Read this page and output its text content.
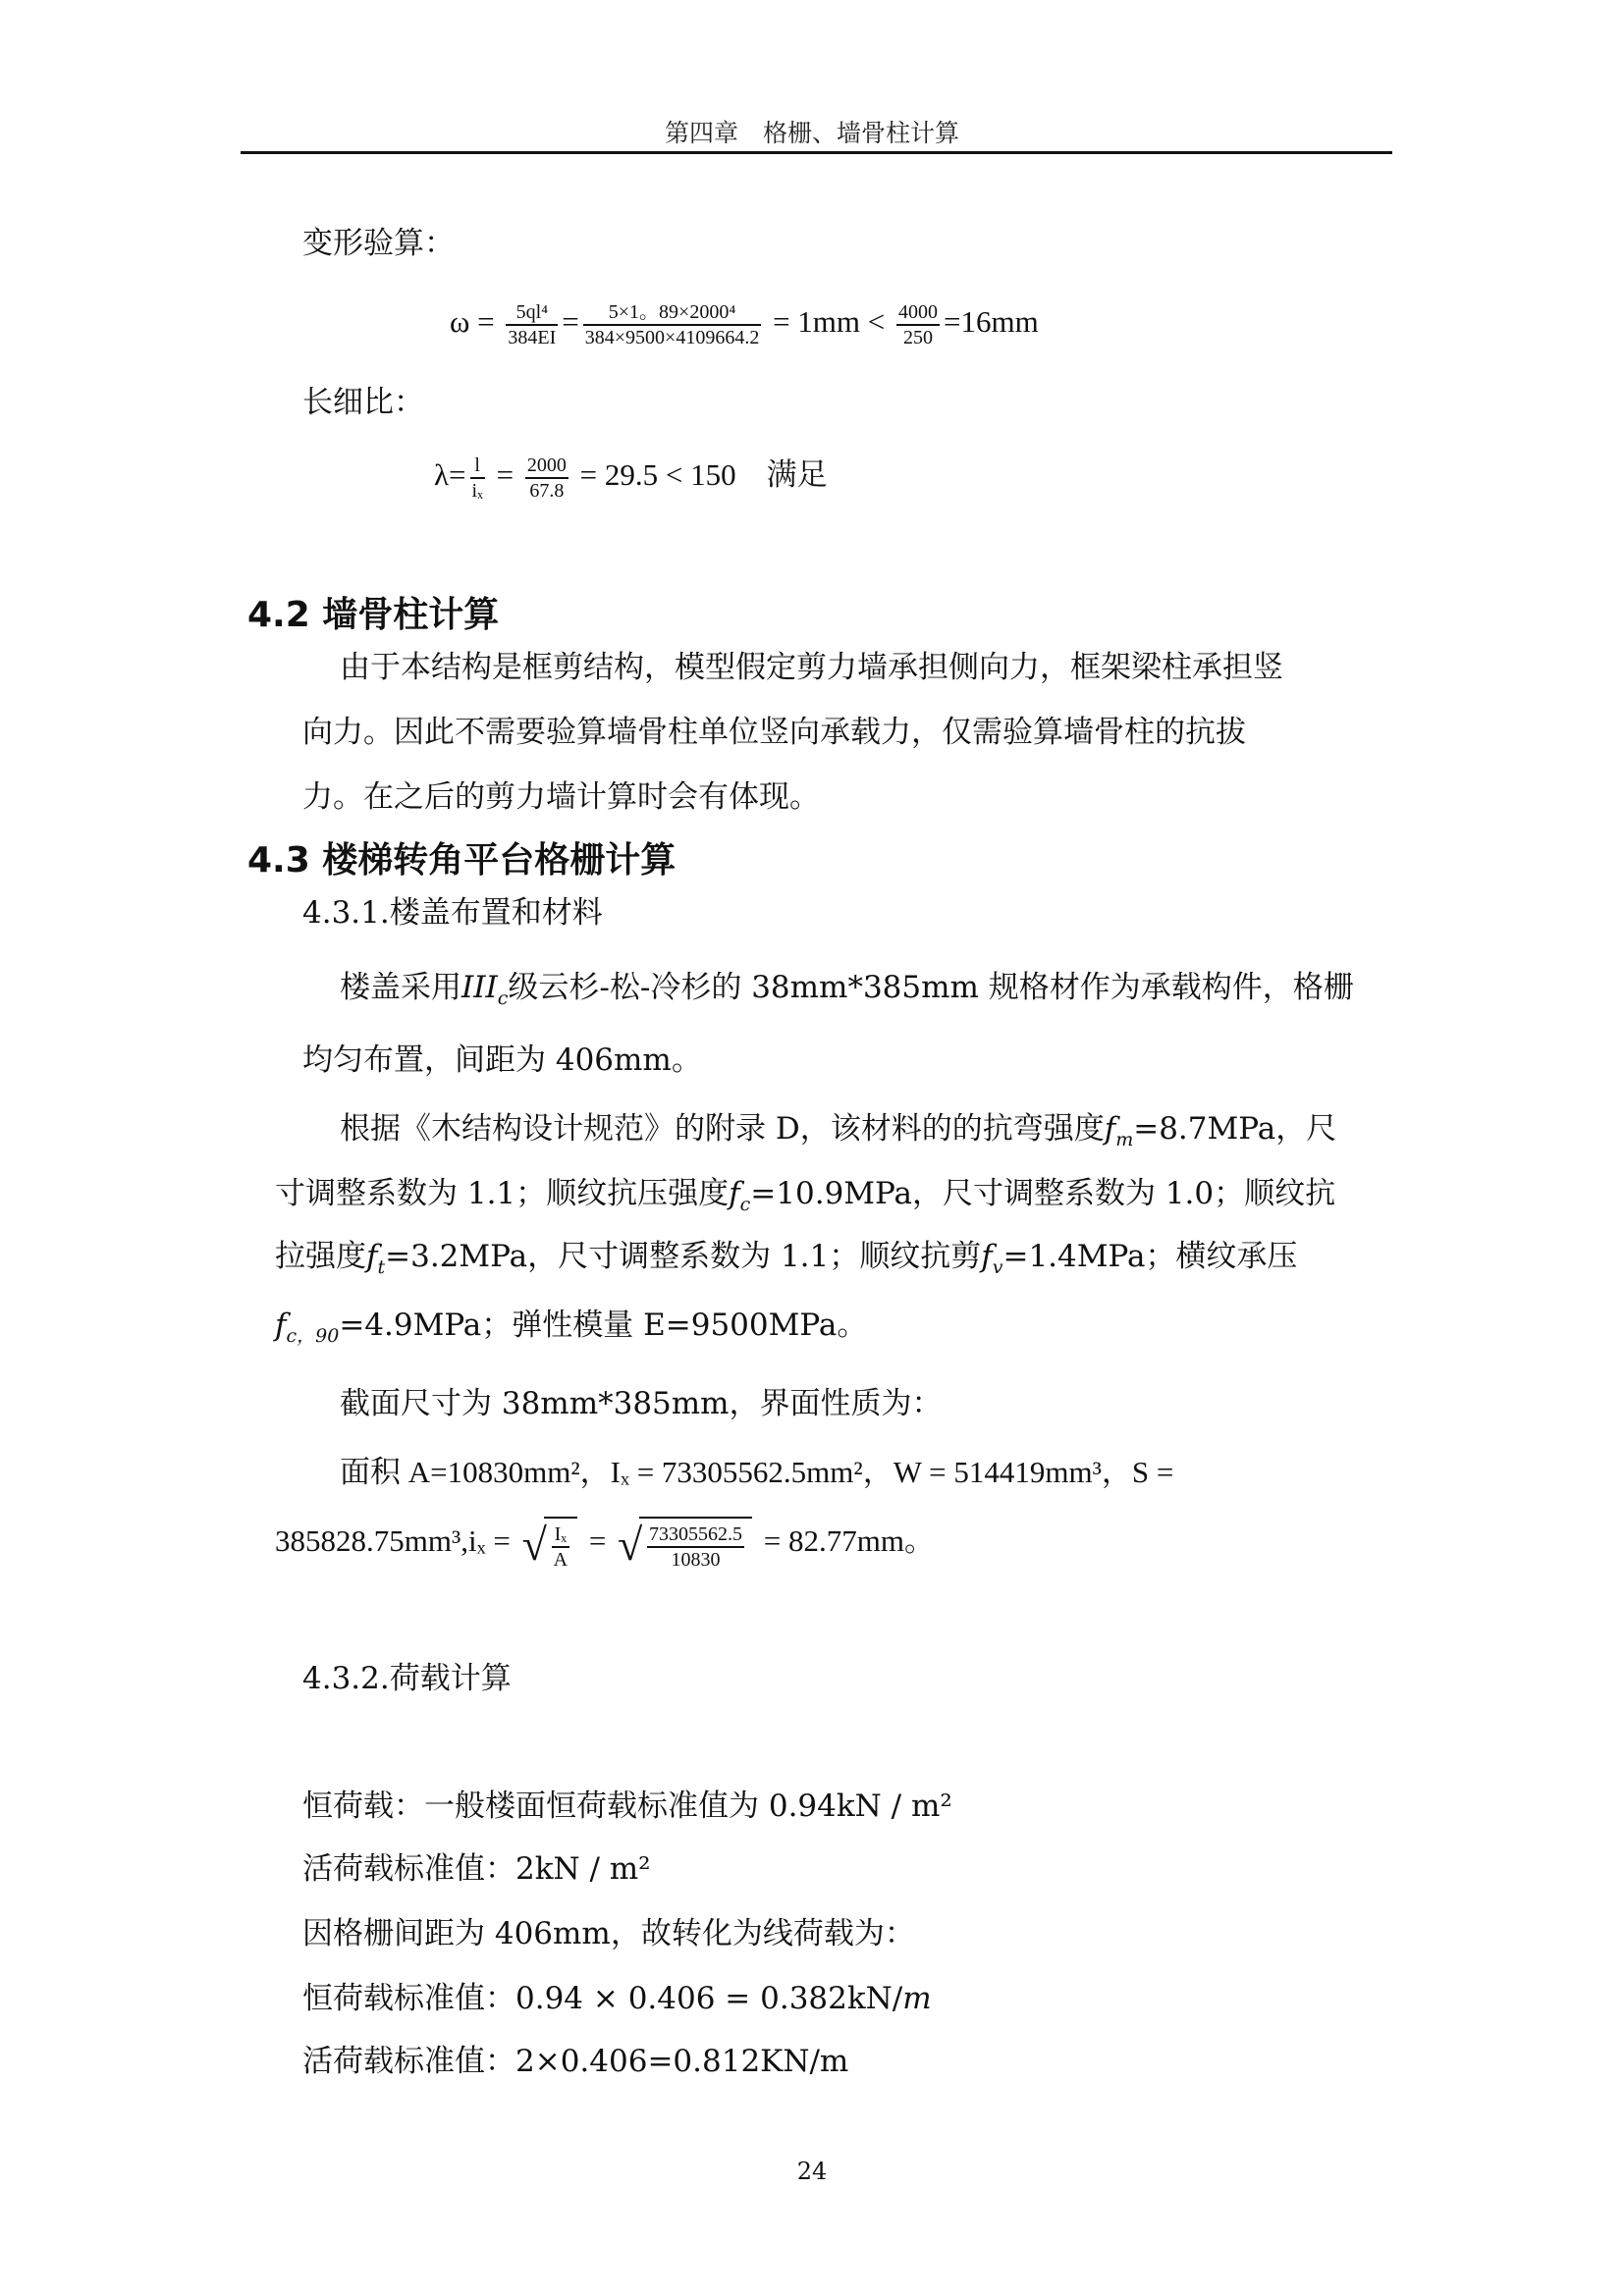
第四章　格栅、墙骨柱计算
变形验算：
$\omega = \frac{\text{5ql⁴}}{384EI} = \frac{\text{5×1。89×2000⁴}}{384\times 9500\times 4109664.2} = 1mm < \frac{4000}{250} =16mm$
长细比：
$\lambda= \frac{l}{\text{iₓ}} = \frac{2000}{67.8} = 29.5 < 150$　满足
4.2 墙骨柱计算
由于本结构是框剪结构，模型假定剪力墙承担侧向力，框架梁柱承担竖
向力。因此不需要验算墙骨柱单位竖向承载力，仅需验算墙骨柱的抗拔
力。在之后的剪力墙计算时会有体现。
4.3 楼梯转角平台格栅计算
4.3.1.楼盖布置和材料
楼盖采用$III_c$级云杉-松-冷杉的 38mm*385mm 规格材作为承载构件，格栅
均匀布置，间距为 406mm。
根据《木结构设计规范》的附录 D，该材料的的抗弯强度$f_m=8.7MPa$，尺
寸调整系数为 1.1；顺纹抗压强度$f_c=10.9MPa$，尺寸调整系数为 1.0；顺纹抗
拉强度$f_t=3.2MPa$，尺寸调整系数为 1.1；顺纹抗剪$f_v=1.4MPa$；横纹承压
$f_{c,90}=4.9MPa$；弹性模量 E=9500MPa。
截面尺寸为 38mm*385mm，界面性质为：
面积 A=10830mm²，Iₓ = 73305562.5mm²，W = 514419mm³，S =
385828.75mm³,iₓ = √ $\frac{\text{Iₓ}}{A}$ = √ $\frac{73305562.5}{10830} = 82.77mm$。
4.3.2.荷载计算
恒荷载：一般楼面恒荷载标准值为 0.94kN / m²
活荷载标准值：2kN / m²
因格栅间距为 406mm，故转化为线荷载为：
恒荷载标准值：0.94 × 0.406 = 0.382kN/m
活荷载标准值：2×0.406=0.812KN/m
24
